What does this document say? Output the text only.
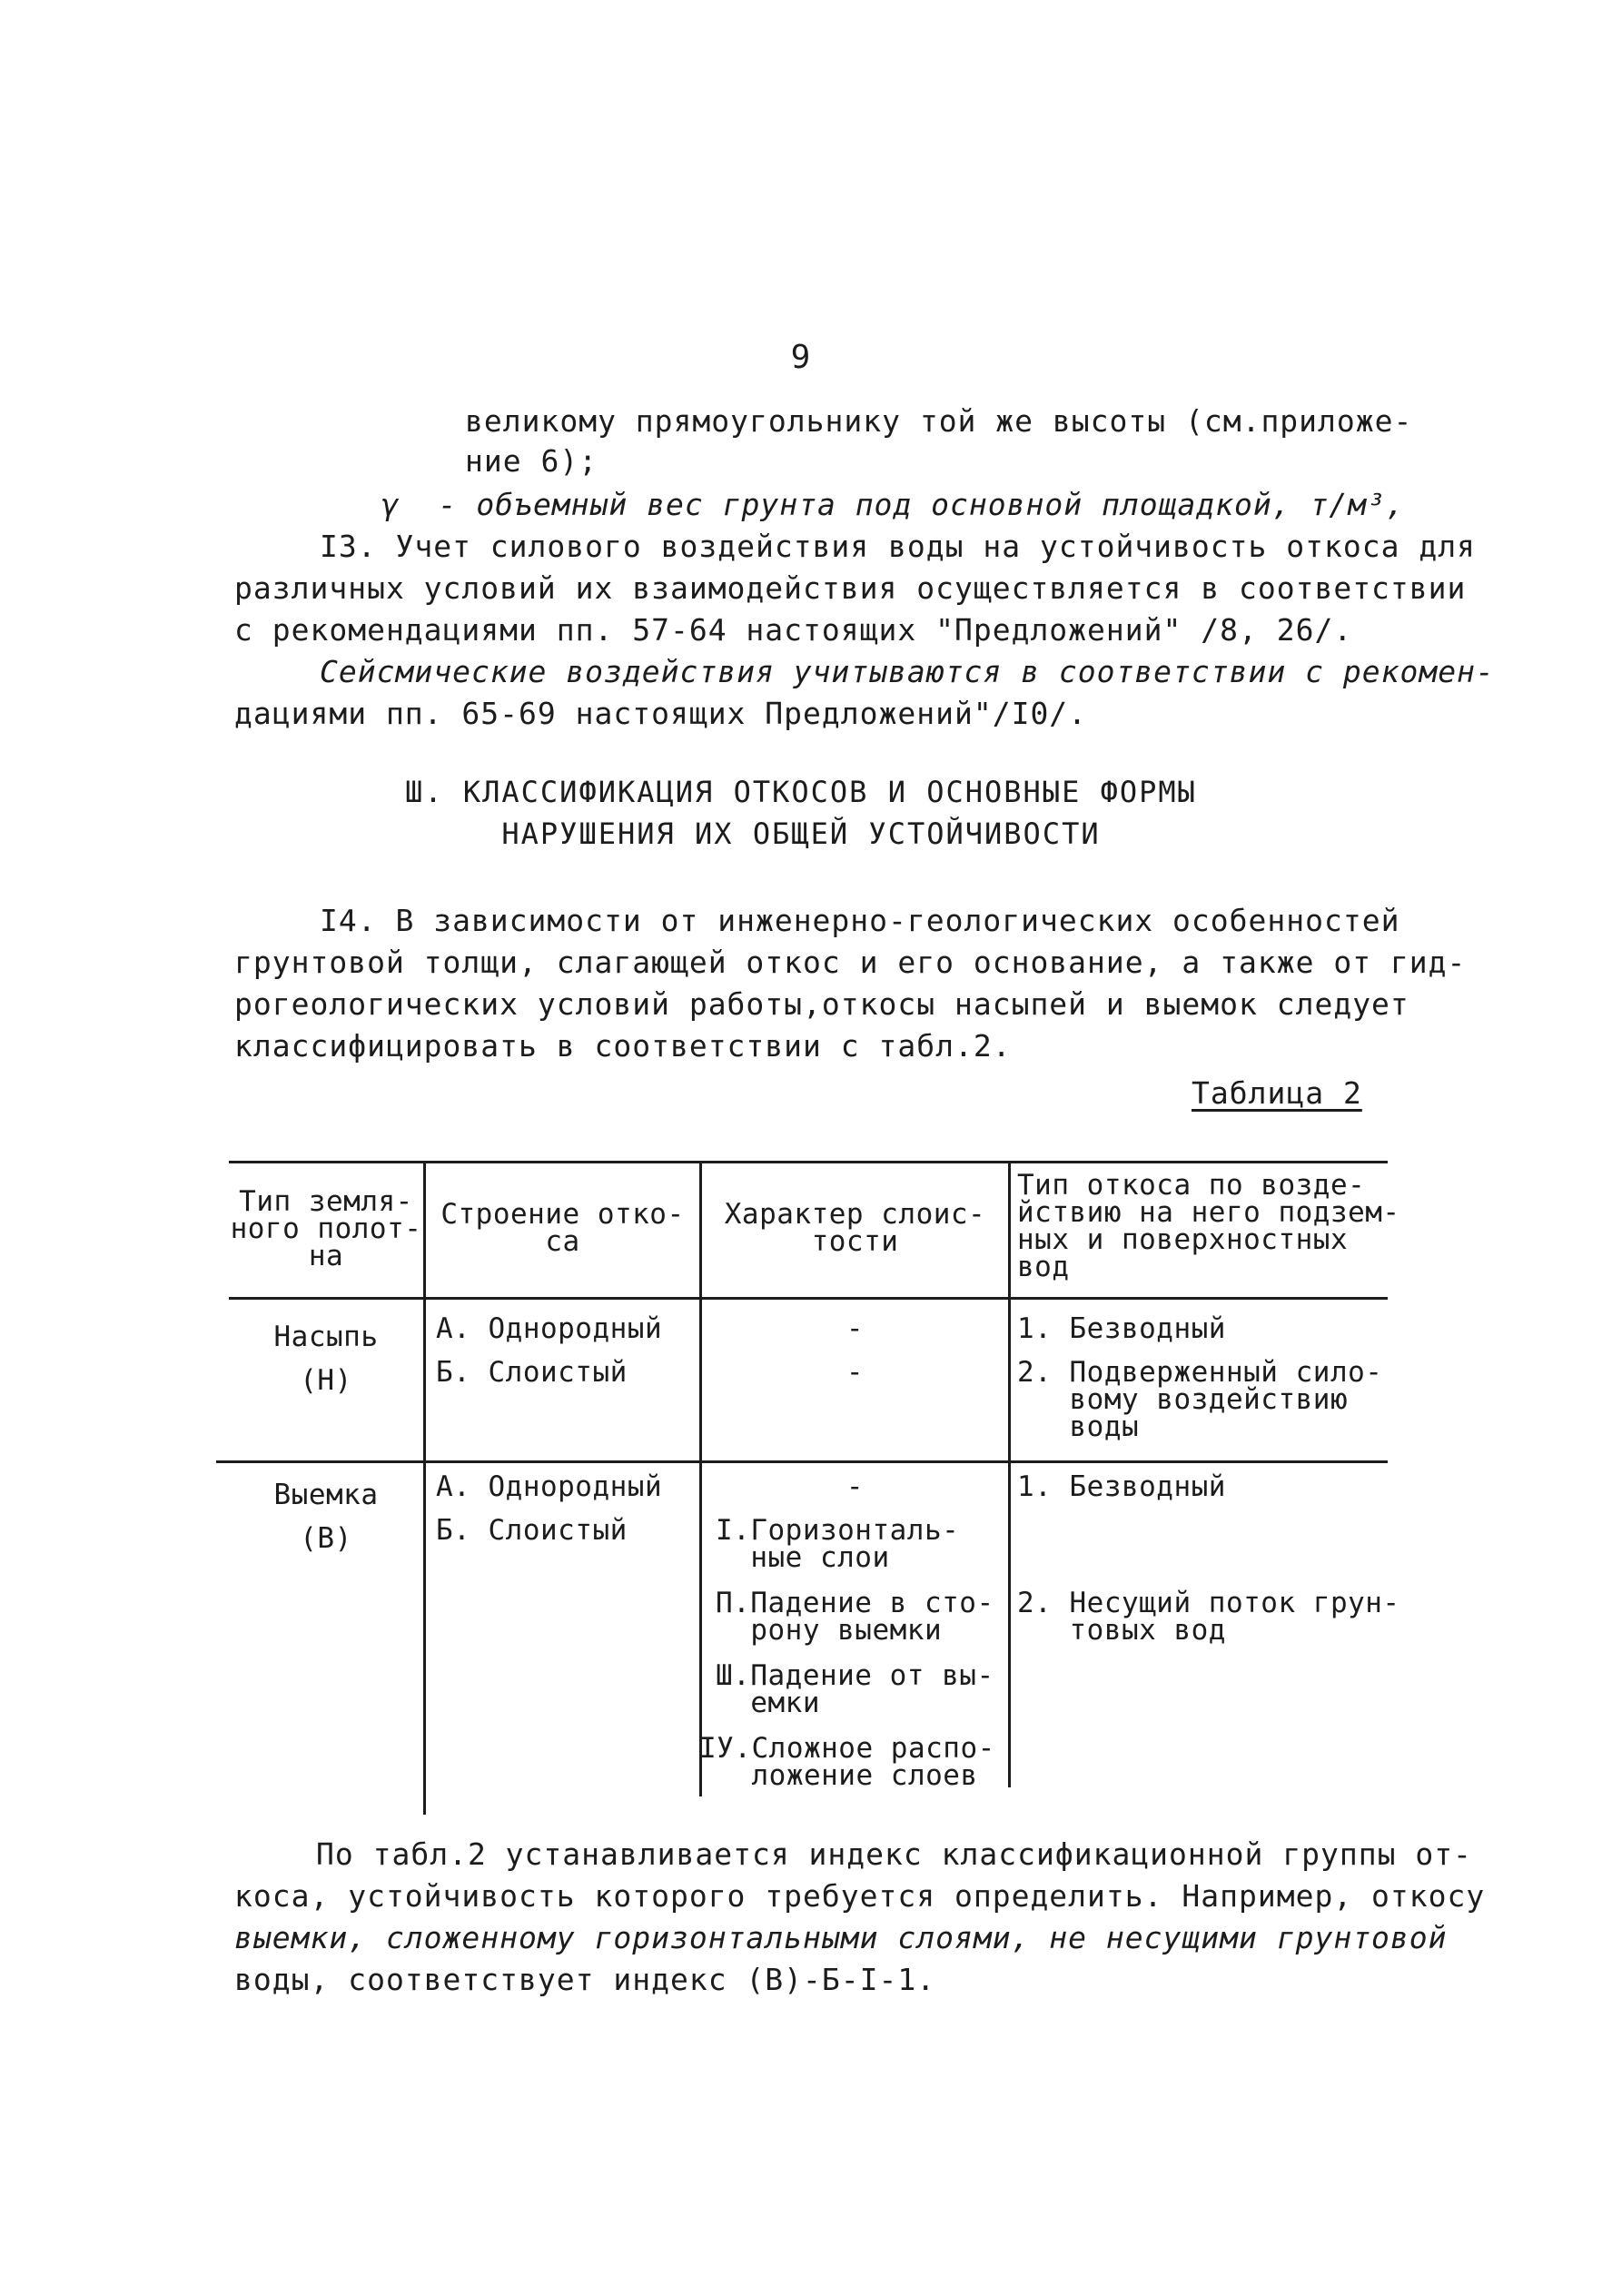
9
великому прямоугольнику той же высоты (см.приложе-
ние 6);
γ  - объемный вес грунта под основной площадкой, т/м³,
I3. Учет силового воздействия воды на устойчивость откоса для
различных условий их взаимодействия осуществляется в соответствии
с рекомендациями пп. 57-64 настоящих "Предложений" /8, 26/.
Сейсмические воздействия учитываются в соответствии с рекомен-
дациями пп. 65-69 настоящих Предложений"/I0/.
Ш. КЛАССИФИКАЦИЯ ОТКОСОВ И ОСНОВНЫЕ ФОРМЫ
НАРУШЕНИЯ ИХ ОБЩЕЙ УСТОЙЧИВОСТИ
I4. В зависимости от инженерно-геологических особенностей
грунтовой толщи, слагающей откос и его основание, а также от гид-
рогеологических условий работы,откосы насыпей и выемок следует
классифицировать в соответствии с табл.2.
Таблица 2
Тип земля-
ного полот-
на
Строение отко-
са
Характер слоис-
тости
Тип откоса по возде-
йствию на него подзем-
ных и поверхностных
вод
Насыпь
(Н)
А. Однородный
Б. Слоистый
-
-
1. Безводный
2. Подверженный сило-
вому воздействию
воды
Выемка
(В)
А. Однородный
Б. Слоистый
-
I.Горизонталь-
ные слои
П.Падение в сто-
рону выемки
Ш.Падение от вы-
емки
IУ.Сложное распо-
ложение слоев
1. Безводный
2. Несущий поток грун-
товых вод
По табл.2 устанавливается индекс классификационной группы от-
коса, устойчивость которого требуется определить. Например, откосу
выемки, сложенному горизонтальными слоями, не несущими грунтовой
воды, соответствует индекс (В)-Б-I-1.
